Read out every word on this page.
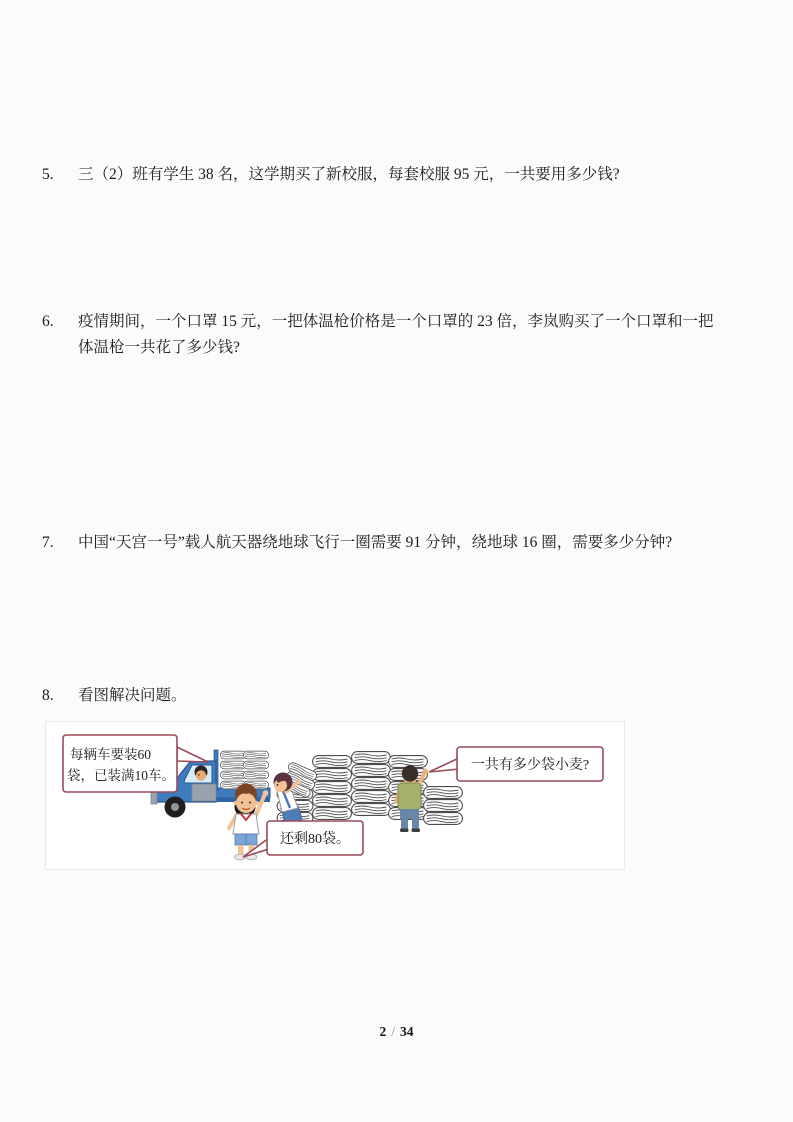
5.	三（2）班有学生 38 名，这学期买了新校服，每套校服 95 元，一共要用多少钱?
6.	疫情期间，一个口罩 15 元，一把体温枪价格是一个口罩的 23 倍，李岚购买了一个口罩和一把
体温枪一共花了多少钱?
7.	中国“天宫一号”载人航天器绕地球飞行一圈需要 91 分钟，绕地球 16 圈，需要多少分钟?
8.	看图解决问题。
每辆车要装60
袋，已装满10车。
一共有多少袋小麦?
还剩80袋。
2 / 34
